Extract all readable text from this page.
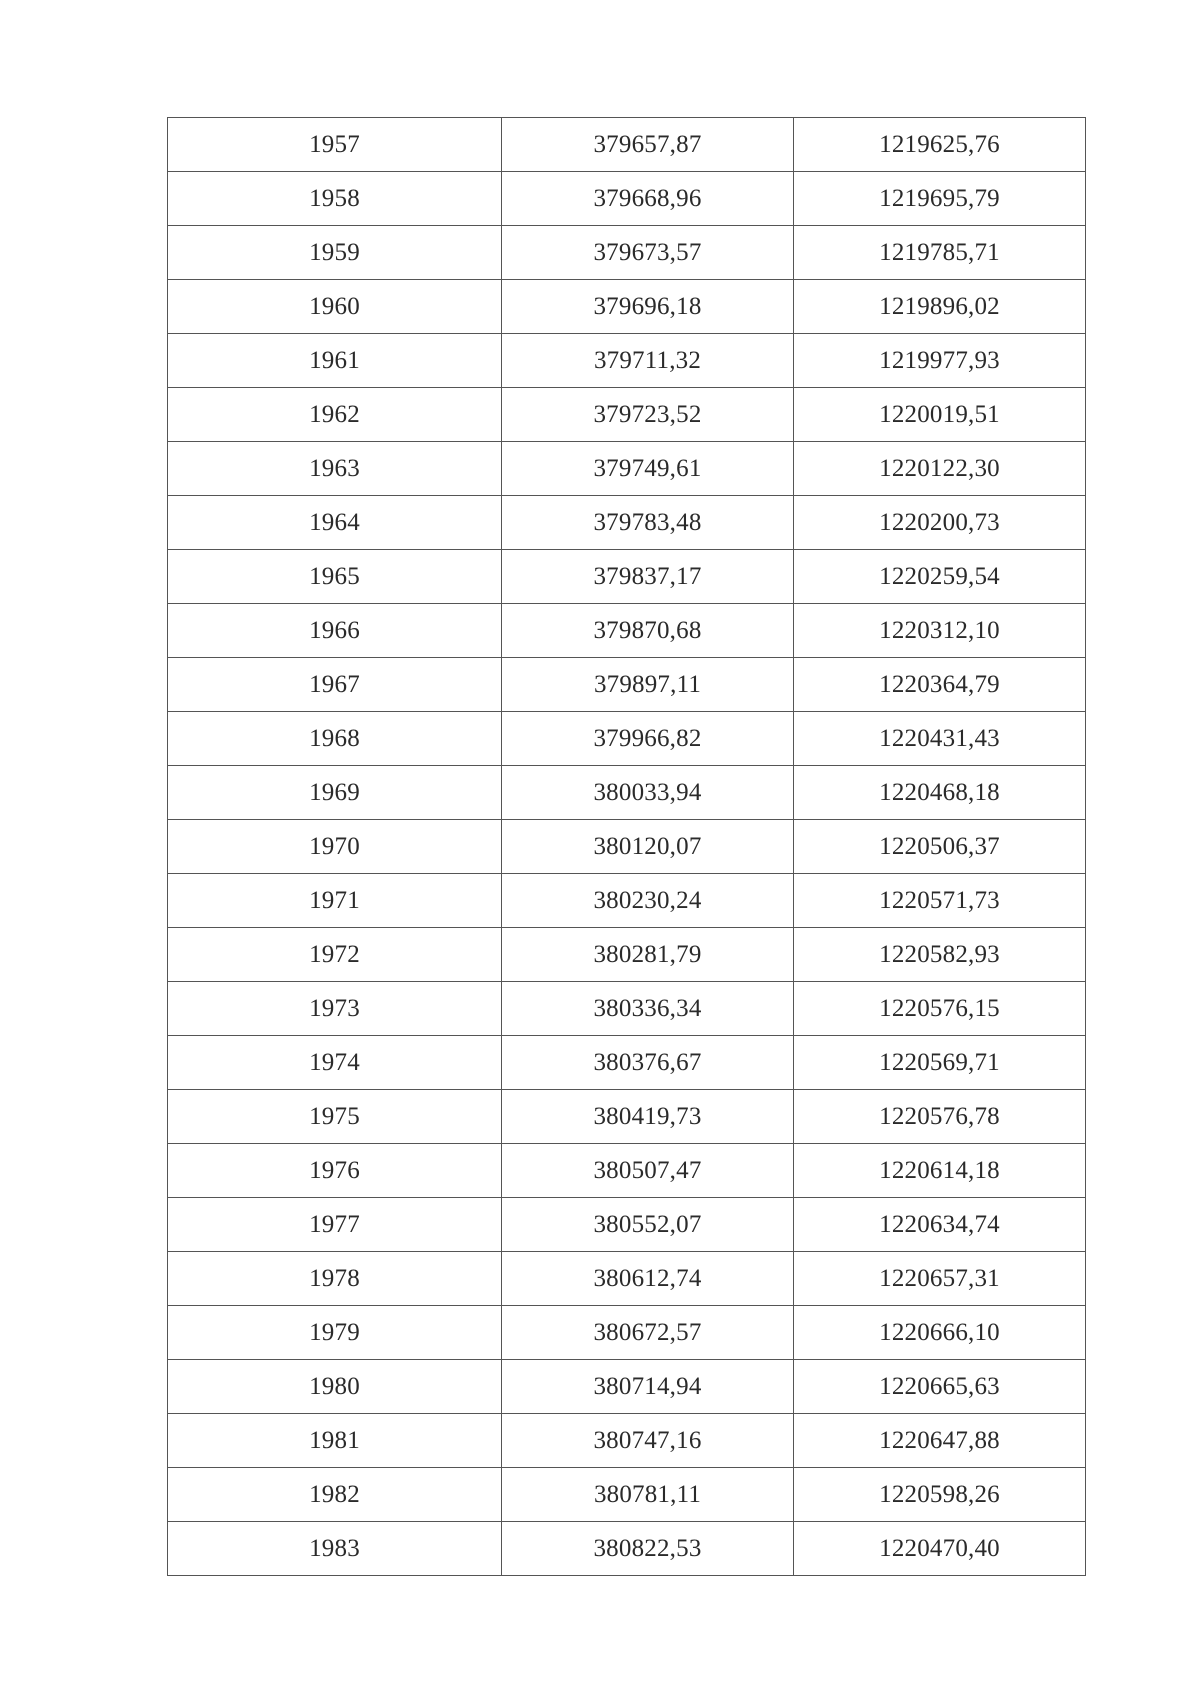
1957	379657,87	1219625,76
1958	379668,96	1219695,79
1959	379673,57	1219785,71
1960	379696,18	1219896,02
1961	379711,32	1219977,93
1962	379723,52	1220019,51
1963	379749,61	1220122,30
1964	379783,48	1220200,73
1965	379837,17	1220259,54
1966	379870,68	1220312,10
1967	379897,11	1220364,79
1968	379966,82	1220431,43
1969	380033,94	1220468,18
1970	380120,07	1220506,37
1971	380230,24	1220571,73
1972	380281,79	1220582,93
1973	380336,34	1220576,15
1974	380376,67	1220569,71
1975	380419,73	1220576,78
1976	380507,47	1220614,18
1977	380552,07	1220634,74
1978	380612,74	1220657,31
1979	380672,57	1220666,10
1980	380714,94	1220665,63
1981	380747,16	1220647,88
1982	380781,11	1220598,26
1983	380822,53	1220470,40
